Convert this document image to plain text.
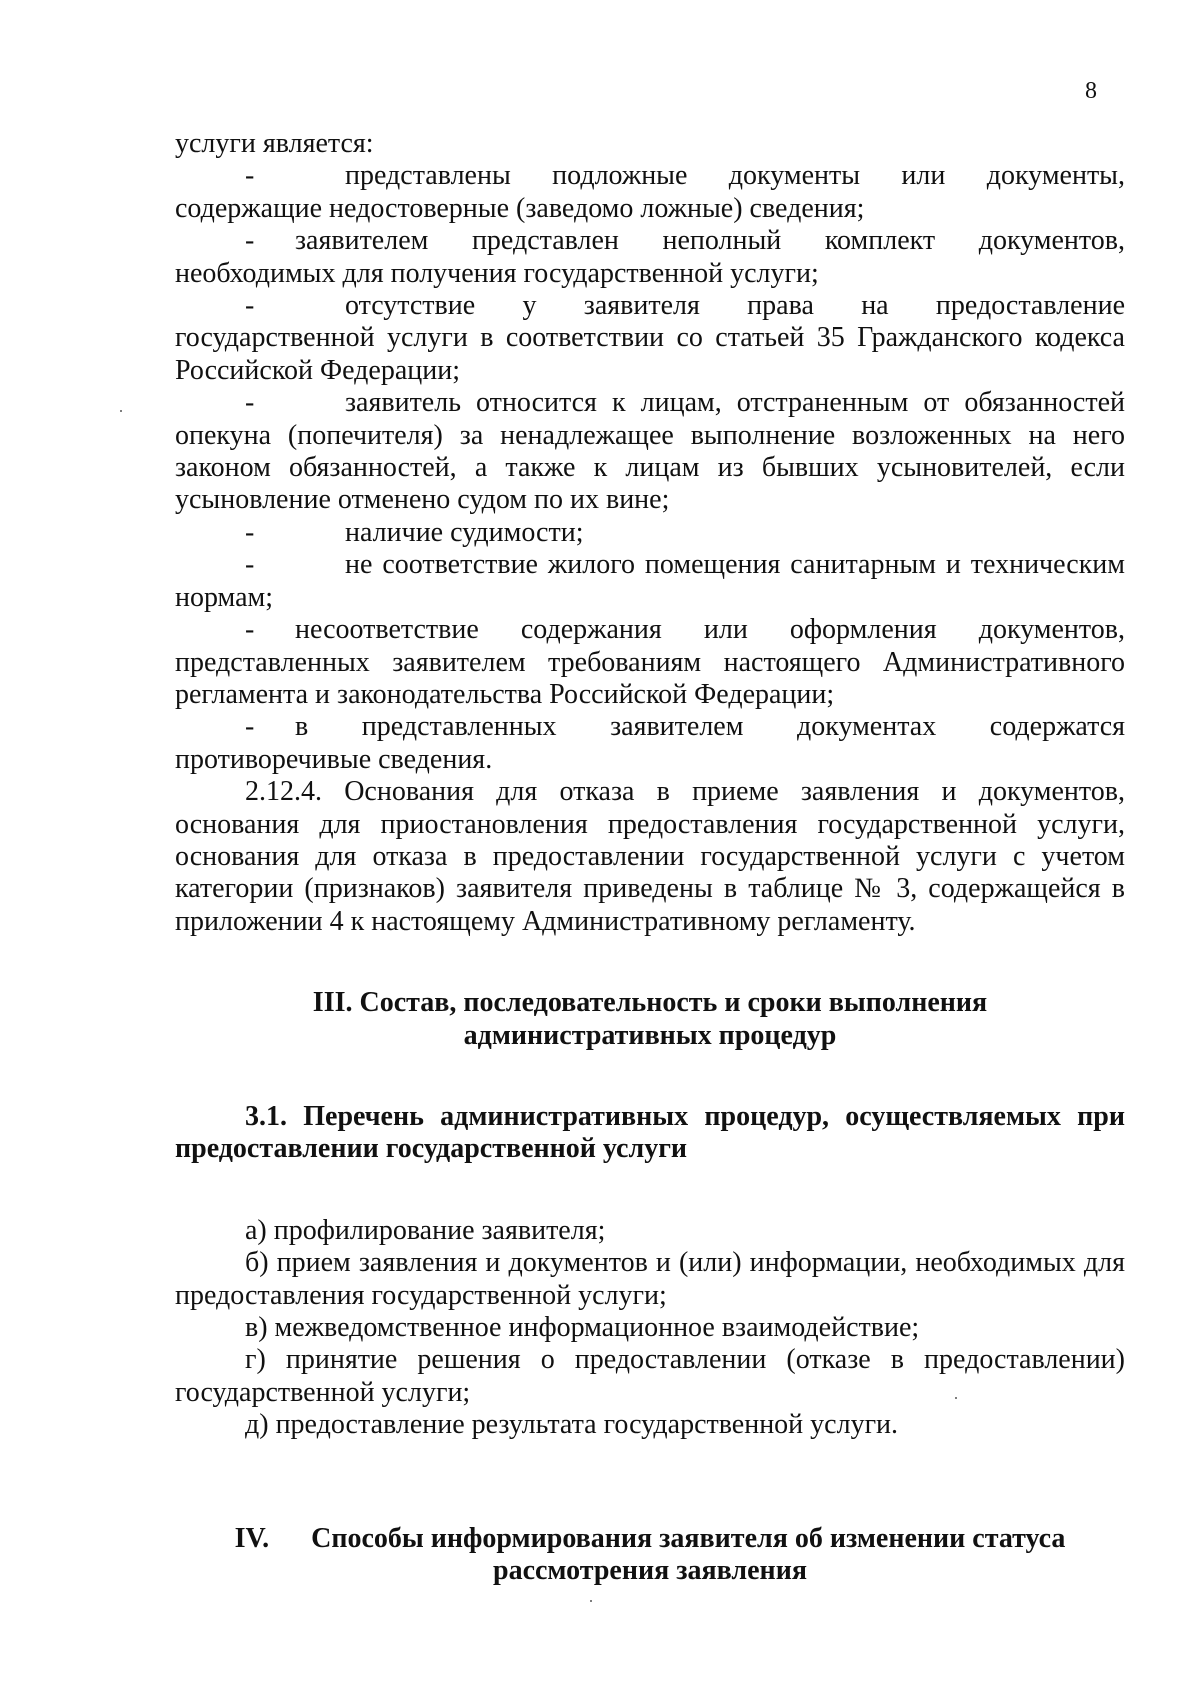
8

услуги является:

-	представлены подложные документы или документы, содержащие недостоверные (заведомо ложные) сведения;

- заявителем представлен неполный комплект документов, необходимых для получения государственной услуги;

-	отсутствие у заявителя права на предоставление государственной услуги в соответствии со статьей 35 Гражданского кодекса Российской Федерации;

-	заявитель относится к лицам, отстраненным от обязанностей опекуна (попечителя) за ненадлежащее выполнение возложенных на него законом обязанностей, а также к лицам из бывших усыновителей, если усыновление отменено судом по их вине;

-	наличие судимости;

-	не соответствие жилого помещения санитарным и техническим нормам;

- несоответствие содержания или оформления документов, представленных заявителем требованиям настоящего Административного регламента и законодательства Российской Федерации;

- в представленных заявителем документах содержатся противоречивые сведения.

2.12.4. Основания для отказа в приеме заявления и документов, основания для приостановления предоставления государственной услуги, основания для отказа в предоставлении государственной услуги с учетом категории (признаков) заявителя приведены в таблице № 3, содержащейся в приложении 4 к настоящему Административному регламенту.

III. Состав, последовательность и сроки выполнения

административных процедур

3.1. Перечень административных процедур, осуществляемых при предоставлении государственной услуги

а) профилирование заявителя;

б) прием заявления и документов и (или) информации, необходимых для предоставления государственной услуги;

в) межведомственное информационное взаимодействие;

г) принятие решения о предоставлении (отказе в предоставлении) государственной услуги;

д) предоставление результата государственной услуги.

IV. Способы информирования заявителя об изменении статуса

рассмотрения заявления
